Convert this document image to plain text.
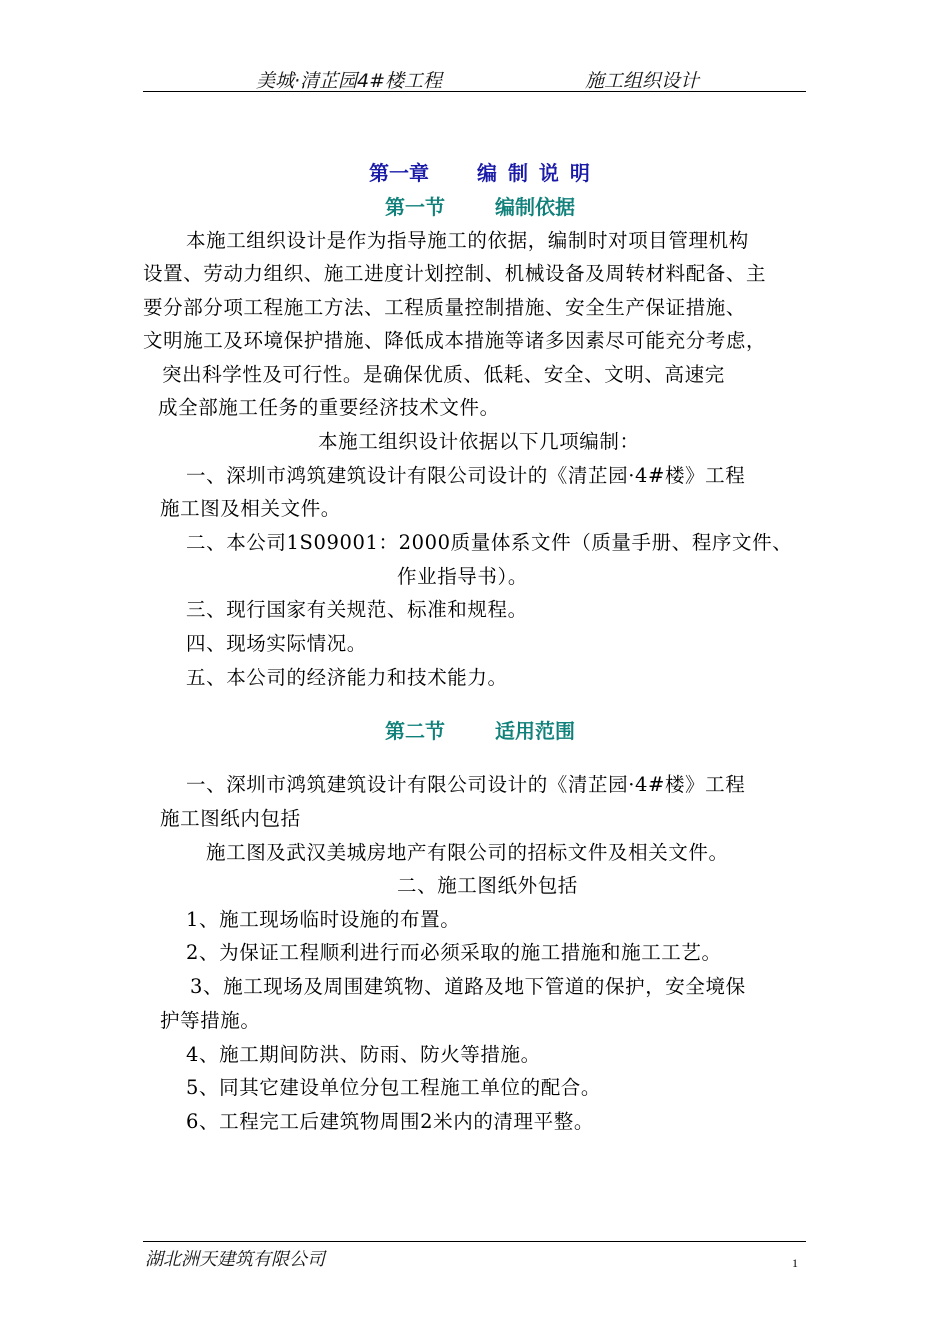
美城·清芷园4#楼工程	施工组织设计
第一章 编 制 说 明
第一节	编制依据
本施工组织设计是作为指导施工的依据，编制时对项目管理机构
设置、劳动力组织、施工进度计划控制、机械设备及周转材料配备、主
要分部分项工程施工方法、工程质量控制措施、安全生产保证措施、
文明施工及环境保护措施、降低成本措施等诸多因素尽可能充分考虑，
突出科学性及可行性。是确保优质、低耗、安全、文明、高速完
成全部施工任务的重要经济技术文件。
本施工组织设计依据以下几项编制：
一、深圳市鸿筑建筑设计有限公司设计的《清芷园·4#楼》工程
施工图及相关文件。
二、本公司1S09001：2000质量体系文件（质量手册、程序文件、
作业指导书）。
三、现行国家有关规范、标准和规程。
四、现场实际情况。
五、本公司的经济能力和技术能力。
第二节	适用范围
一、深圳市鸿筑建筑设计有限公司设计的《清芷园·4#楼》工程
施工图纸内包括
施工图及武汉美城房地产有限公司的招标文件及相关文件。
二、施工图纸外包括
1、施工现场临时设施的布置。
2、为保证工程顺利进行而必须采取的施工措施和施工工艺。
3、施工现场及周围建筑物、道路及地下管道的保护，安全境保
护等措施。
4、施工期间防洪、防雨、防火等措施。
5、同其它建设单位分包工程施工单位的配合。
6、工程完工后建筑物周围2米内的清理平整。
湖北洲天建筑有限公司	1
